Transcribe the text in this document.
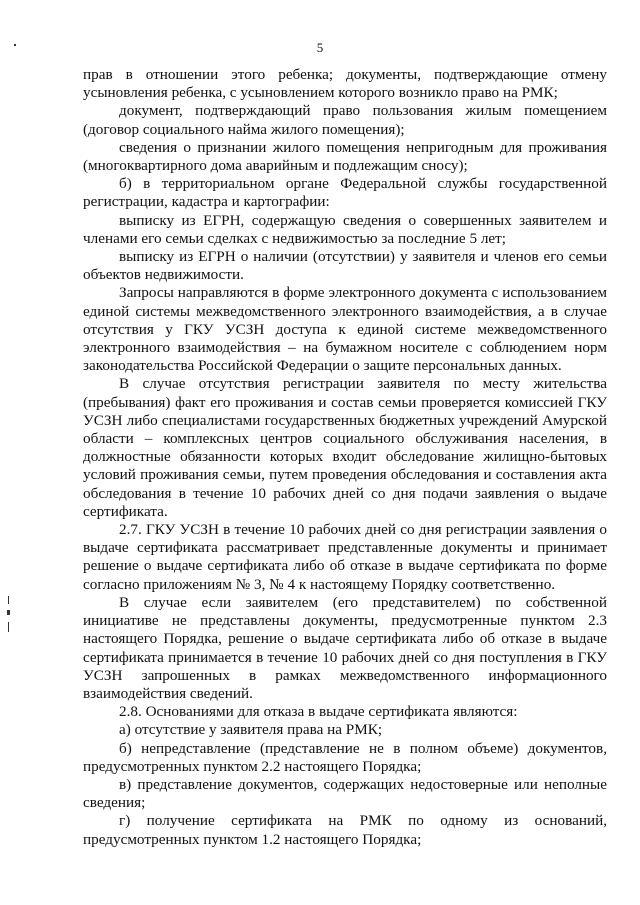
5

прав в отношении этого ребенка; документы, подтверждающие отмену усыновления ребенка, с усыновлением которого возникло право на РМК;

документ, подтверждающий право пользования жилым помещением (договор социального найма жилого помещения);

сведения о признании жилого помещения непригодным для проживания (многоквартирного дома аварийным и подлежащим сносу);

б) в территориальном органе Федеральной службы государственной регистрации, кадастра и картографии:

выписку из ЕГРН, содержащую сведения о совершенных заявителем и членами его семьи сделках с недвижимостью за последние 5 лет;

выписку из ЕГРН о наличии (отсутствии) у заявителя и членов его семьи объектов недвижимости.

Запросы направляются в форме электронного документа с использованием единой системы межведомственного электронного взаимодействия, а в случае отсутствия у ГКУ УСЗН доступа к единой системе межведомственного электронного взаимодействия – на бумажном носителе с соблюдением норм законодательства Российской Федерации о защите персональных данных.

В случае отсутствия регистрации заявителя по месту жительства (пребывания) факт его проживания и состав семьи проверяется комиссией ГКУ УСЗН либо специалистами государственных бюджетных учреждений Амурской области – комплексных центров социального обслуживания населения, в должностные обязанности которых входит обследование жилищно-бытовых условий проживания семьи, путем проведения обследования и составления акта обследования в течение 10 рабочих дней со дня подачи заявления о выдаче сертификата.

2.7. ГКУ УСЗН в течение 10 рабочих дней со дня регистрации заявления о выдаче сертификата рассматривает представленные документы и принимает решение о выдаче сертификата либо об отказе в выдаче сертификата по форме согласно приложениям № 3, № 4 к настоящему Порядку соответственно.

В случае если заявителем (его представителем) по собственной инициативе не представлены документы, предусмотренные пунктом 2.3 настоящего Порядка, решение о выдаче сертификата либо об отказе в выдаче сертификата принимается в течение 10 рабочих дней со дня поступления в ГКУ УСЗН запрошенных в рамках межведомственного информационного взаимодействия сведений.

2.8. Основаниями для отказа в выдаче сертификата являются:

а) отсутствие у заявителя права на РМК;

б) непредставление (представление не в полном объеме) документов, предусмотренных пунктом 2.2 настоящего Порядка;

в) представление документов, содержащих недостоверные или неполные сведения;

г) получение сертификата на РМК по одному из оснований, предусмотренных пунктом 1.2 настоящего Порядка;
